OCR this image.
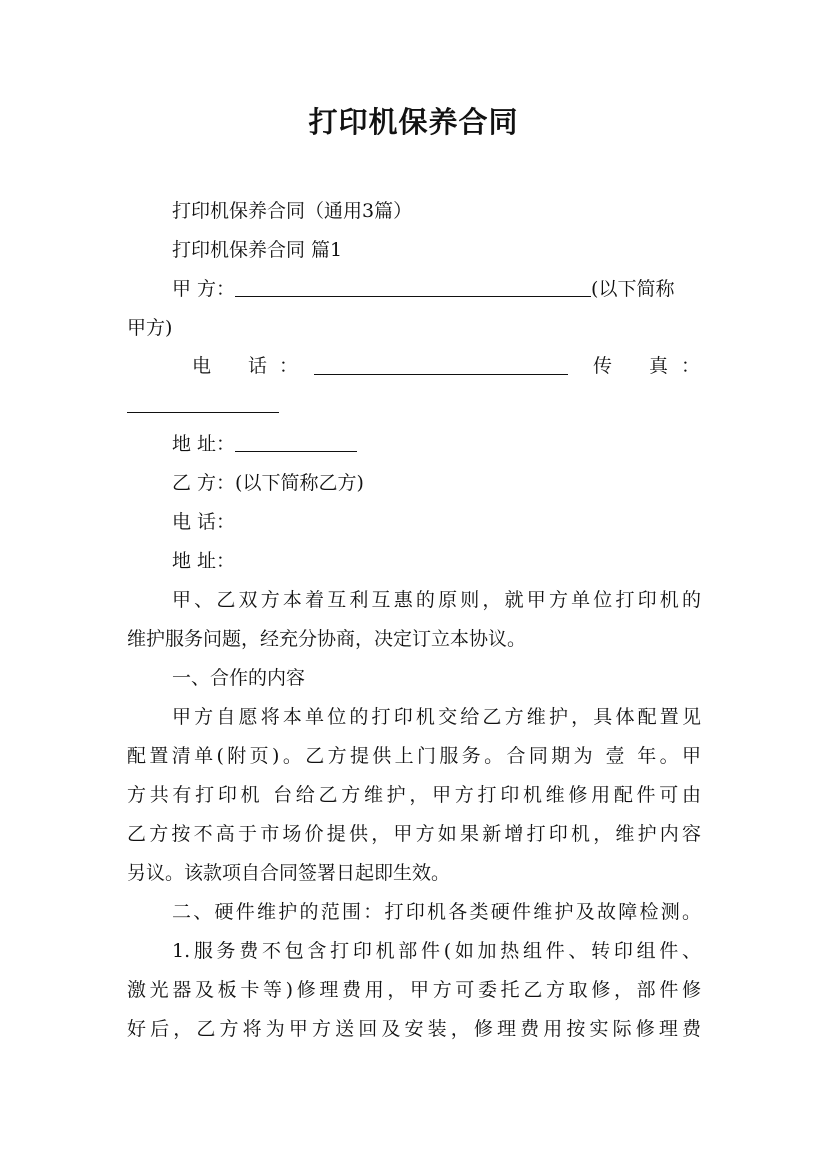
打印机保养合同
打印机保养合同（通用3篇）
打印机保养合同 篇1
甲 方：	(以下简称
甲方)
电 话 ：	传 真 ：
地 址：
乙 方：(以下简称乙方)
电 话：
地 址：
甲、乙双方本着互利互惠的原则，就甲方单位打印机的
维护服务问题，经充分协商，决定订立本协议。
一、合作的内容
甲方自愿将本单位的打印机交给乙方维护，具体配置见
配置清单(附页)。乙方提供上门服务。合同期为 壹 年。甲
方共有打印机 台给乙方维护，甲方打印机维修用配件可由
乙方按不高于市场价提供，甲方如果新增打印机，维护内容
另议。该款项自合同签署日起即生效。
二、硬件维护的范围：打印机各类硬件维护及故障检测。
1.服务费不包含打印机部件(如加热组件、转印组件、
激光器及板卡等)修理费用，甲方可委托乙方取修，部件修
好后，乙方将为甲方送回及安装，修理费用按实际修理费
